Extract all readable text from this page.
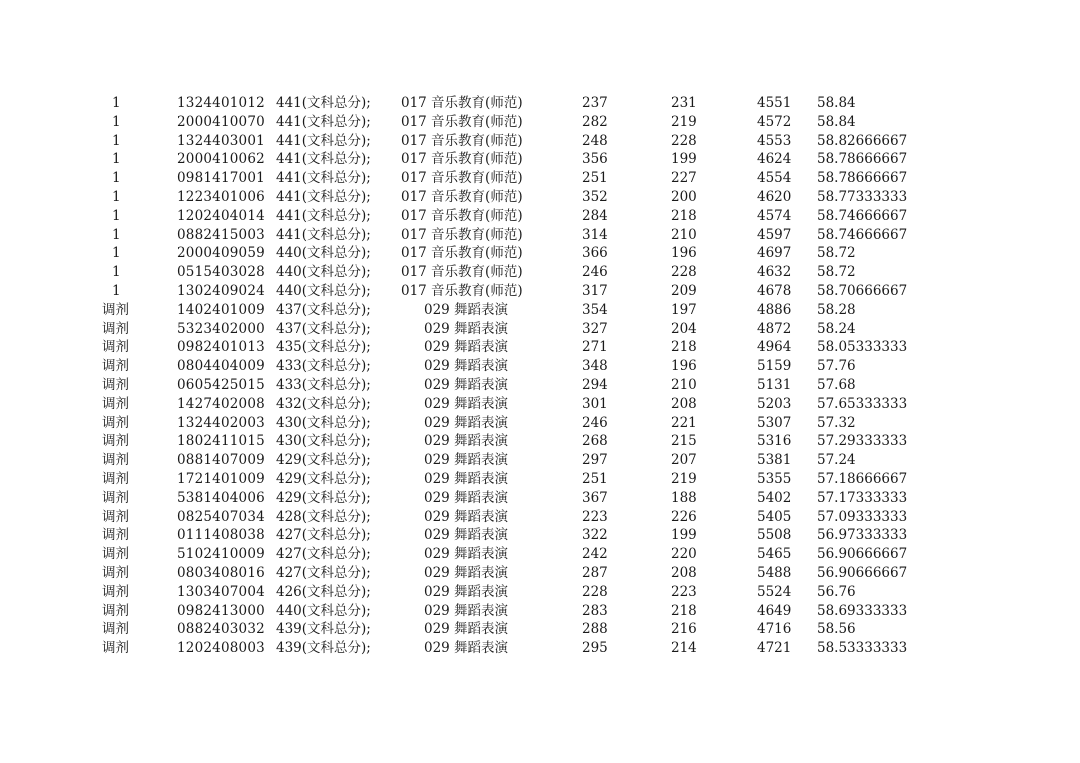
1	1324401012 441(文科总分); 017 音乐教育(师范)	237	231	4551 58.84
1	2000410070 441(文科总分); 017 音乐教育(师范)	282	219	4572 58.84
1	1324403001 441(文科总分); 017 音乐教育(师范)	248	228	4553 58.82666667
1	2000410062 441(文科总分); 017 音乐教育(师范)	356	199	4624 58.78666667
1	0981417001 441(文科总分); 017 音乐教育(师范)	251	227	4554 58.78666667
1	1223401006 441(文科总分); 017 音乐教育(师范)	352	200	4620 58.77333333
1	1202404014 441(文科总分); 017 音乐教育(师范)	284	218	4574 58.74666667
1	0882415003 441(文科总分); 017 音乐教育(师范)	314	210	4597 58.74666667
1	2000409059 440(文科总分); 017 音乐教育(师范)	366	196	4697 58.72
1	0515403028 440(文科总分); 017 音乐教育(师范)	246	228	4632 58.72
1	1302409024 440(文科总分); 017 音乐教育(师范)	317	209	4678 58.70666667
调剂	1402401009 437(文科总分);	029 舞蹈表演	354	197	4886 58.28
调剂	5323402000 437(文科总分);	029 舞蹈表演	327	204	4872 58.24
调剂	0982401013 435(文科总分);	029 舞蹈表演	271	218	4964 58.05333333
调剂	0804404009 433(文科总分);	029 舞蹈表演	348	196	5159 57.76
调剂	0605425015 433(文科总分);	029 舞蹈表演	294	210	5131 57.68
调剂	1427402008 432(文科总分);	029 舞蹈表演	301	208	5203 57.65333333
调剂	1324402003 430(文科总分);	029 舞蹈表演	246	221	5307 57.32
调剂	1802411015 430(文科总分);	029 舞蹈表演	268	215	5316 57.29333333
调剂	0881407009 429(文科总分);	029 舞蹈表演	297	207	5381 57.24
调剂	1721401009 429(文科总分);	029 舞蹈表演	251	219	5355 57.18666667
调剂	5381404006 429(文科总分);	029 舞蹈表演	367	188	5402 57.17333333
调剂	0825407034 428(文科总分);	029 舞蹈表演	223	226	5405 57.09333333
调剂	0111408038 427(文科总分);	029 舞蹈表演	322	199	5508 56.97333333
调剂	5102410009 427(文科总分);	029 舞蹈表演	242	220	5465 56.90666667
调剂	0803408016 427(文科总分);	029 舞蹈表演	287	208	5488 56.90666667
调剂	1303407004 426(文科总分);	029 舞蹈表演	228	223	5524 56.76
调剂	0982413000 440(文科总分);	029 舞蹈表演	283	218	4649 58.69333333
调剂	0882403032 439(文科总分);	029 舞蹈表演	288	216	4716 58.56
调剂	1202408003 439(文科总分);	029 舞蹈表演	295	214	4721 58.53333333
